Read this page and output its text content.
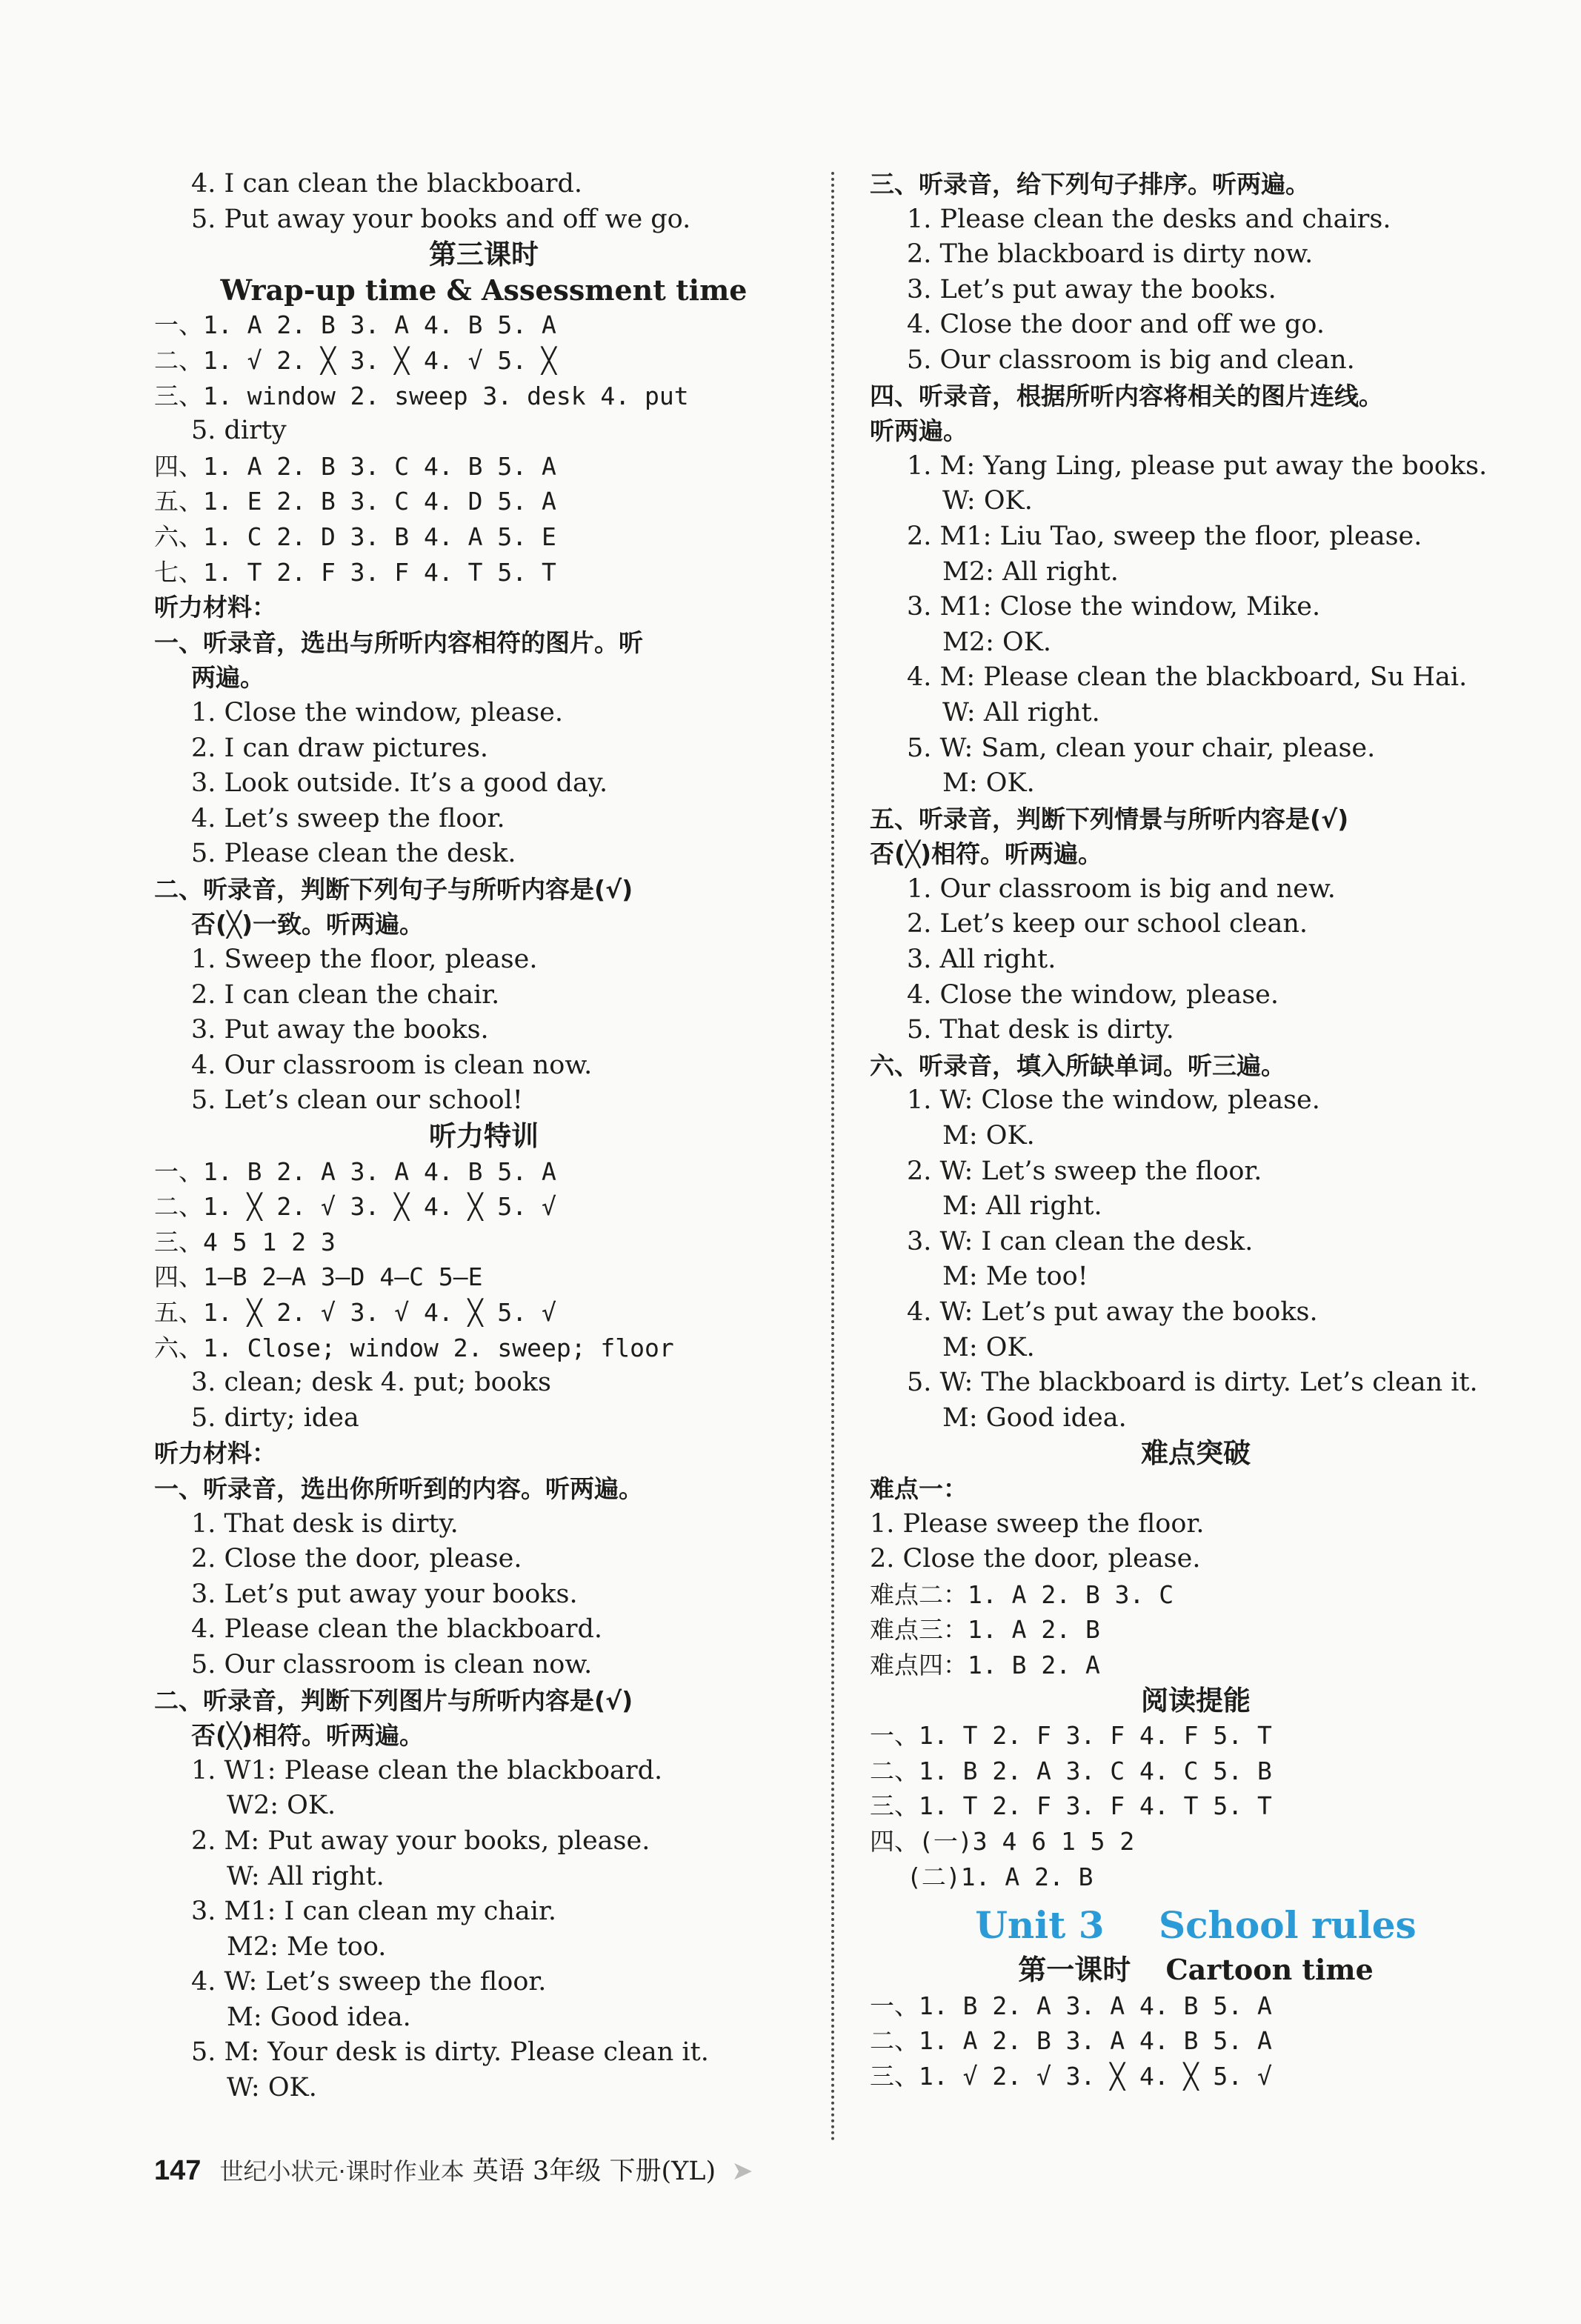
4. I can clean the blackboard.
5. Put away your books and off we go.
第三课时
Wrap-up time & Assessment time
一、1. A 2. B 3. A 4. B 5. A
二、1. √ 2. ╳ 3. ╳ 4. √ 5. ╳
三、1. window 2. sweep 3. desk 4. put
5. dirty
四、1. A 2. B 3. C 4. B 5. A
五、1. E 2. B 3. C 4. D 5. A
六、1. C 2. D 3. B 4. A 5. E
七、1. T 2. F 3. F 4. T 5. T
听力材料：
一、听录音，选出与所听内容相符的图片。听
两遍。
1. Close the window, please.
2. I can draw pictures.
3. Look outside. It’s a good day.
4. Let’s sweep the floor.
5. Please clean the desk.
二、听录音，判断下列句子与所听内容是(√)
否(╳)一致。听两遍。
1. Sweep the floor, please.
2. I can clean the chair.
3. Put away the books.
4. Our classroom is clean now.
5. Let’s clean our school!
听力特训
一、1. B 2. A 3. A 4. B 5. A
二、1. ╳ 2. √ 3. ╳ 4. ╳ 5. √
三、4 5 1 2 3
四、1—B 2—A 3—D 4—C 5—E
五、1. ╳ 2. √ 3. √ 4. ╳ 5. √
六、1. Close; window 2. sweep; floor
3. clean; desk 4. put; books
5. dirty; idea
听力材料：
一、听录音，选出你所听到的内容。听两遍。
1. That desk is dirty.
2. Close the door, please.
3. Let’s put away your books.
4. Please clean the blackboard.
5. Our classroom is clean now.
二、听录音，判断下列图片与所听内容是(√)
否(╳)相符。听两遍。
1. W1: Please clean the blackboard.
W2: OK.
2. M: Put away your books, please.
W: All right.
3. M1: I can clean my chair.
M2: Me too.
4. W: Let’s sweep the floor.
M: Good idea.
5. M: Your desk is dirty. Please clean it.
W: OK.
三、听录音，给下列句子排序。听两遍。
1. Please clean the desks and chairs.
2. The blackboard is dirty now.
3. Let’s put away the books.
4. Close the door and off we go.
5. Our classroom is big and clean.
四、听录音，根据所听内容将相关的图片连线。
听两遍。
1. M: Yang Ling, please put away the books.
W: OK.
2. M1: Liu Tao, sweep the floor, please.
M2: All right.
3. M1: Close the window, Mike.
M2: OK.
4. M: Please clean the blackboard, Su Hai.
W: All right.
5. W: Sam, clean your chair, please.
M: OK.
五、听录音，判断下列情景与所听内容是(√)
否(╳)相符。听两遍。
1. Our classroom is big and new.
2. Let’s keep our school clean.
3. All right.
4. Close the window, please.
5. That desk is dirty.
六、听录音，填入所缺单词。听三遍。
1. W: Close the window, please.
M: OK.
2. W: Let’s sweep the floor.
M: All right.
3. W: I can clean the desk.
M: Me too!
4. W: Let’s put away the books.
M: OK.
5. W: The blackboard is dirty. Let’s clean it.
M: Good idea.
难点突破
难点一：
1. Please sweep the floor.
2. Close the door, please.
难点二：1. A 2. B 3. C
难点三：1. A 2. B
难点四：1. B 2. A
阅读提能
一、1. T 2. F 3. F 4. F 5. T
二、1. B 2. A 3. C 4. C 5. B
三、1. T 2. F 3. F 4. T 5. T
四、(一)3 4 6 1 5 2
(二)1. A 2. B
Unit 3 School rules
第一课时 Cartoon time
一、1. B 2. A 3. A 4. B 5. A
二、1. A 2. B 3. A 4. B 5. A
三、1. √ 2. √ 3. ╳ 4. ╳ 5. √
147 世纪小状元·课时作业本 英语 3年级 下册(YL) ➤
